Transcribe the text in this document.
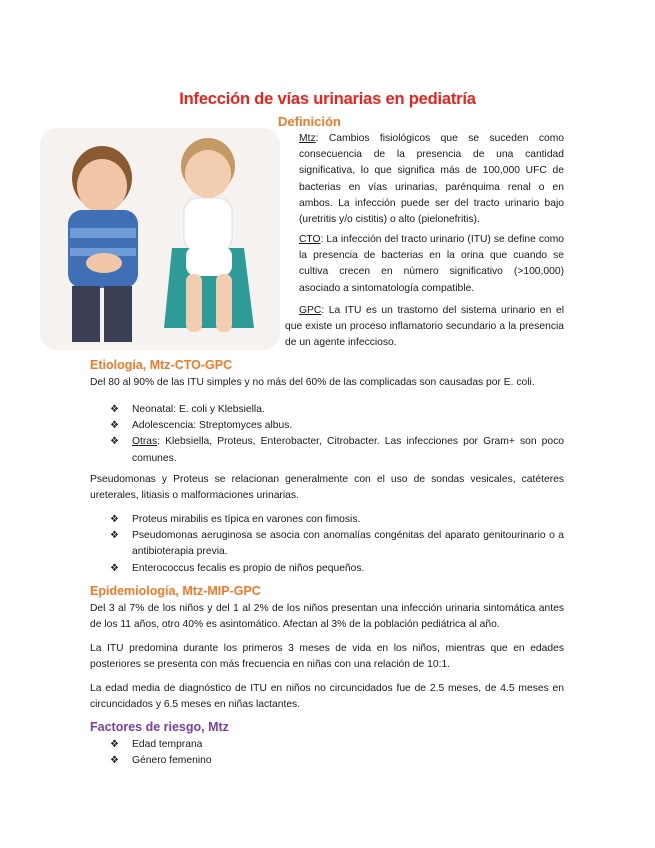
Infección de vías urinarias en pediatría
Definición
Mtz: Cambios fisiológicos que se suceden como consecuencia de la presencia de una cantidad significativa, lo que significa más de 100,000 UFC de bacterias en vías urinarias, parénquima renal o en ambos. La infección puede ser del tracto urinario bajo (uretritis y/o cistitis) o alto (pielonefritis).
CTO: La infección del tracto urinario (ITU) se define como la presencia de bacterias en la orina que cuando se cultiva crecen en número significativo (>100,000) asociado a sintomatología compatible.
GPC: La ITU es un trastorno del sistema urinario en el que existe un proceso inflamatorio secundario a la presencia de un agente infeccioso.
Etiología, Mtz-CTO-GPC
Del 80 al 90% de las ITU simples y no más del 60% de las complicadas son causadas por E. coli.
❖ Neonatal: E. coli y Klebsiella.
❖ Adolescencia: Streptomyces albus.
❖ Otras: Klebsiella, Proteus, Enterobacter, Citrobacter. Las infecciones por Gram+ son poco comunes.
Pseudomonas y Proteus se relacionan generalmente con el uso de sondas vesicales, catéteres ureterales, litiasis o malformaciones urinarias.
❖ Proteus mirabilis es típica en varones con fimosis.
❖ Pseudomonas aeruginosa se asocia con anomalías congénitas del aparato genitourinario o a antibioterapia previa.
❖ Enterococcus fecalis es propio de niños pequeños.
Epidemiología, Mtz-MIP-GPC
Del 3 al 7% de los niños y del 1 al 2% de los niños presentan una infección urinaria sintomática antes de los 11 años, otro 40% es asintomático. Afectan al 3% de la población pediátrica al año.
La ITU predomina durante los primeros 3 meses de vida en los niños, mientras que en edades posteriores se presenta con más frecuencia en niñas con una relación de 10:1.
La edad media de diagnóstico de ITU en niños no circuncidados fue de 2.5 meses, de 4.5 meses en circuncidados y 6.5 meses en niñas lactantes.
Factores de riesgo, Mtz
❖ Edad temprana
❖ Género femenino
